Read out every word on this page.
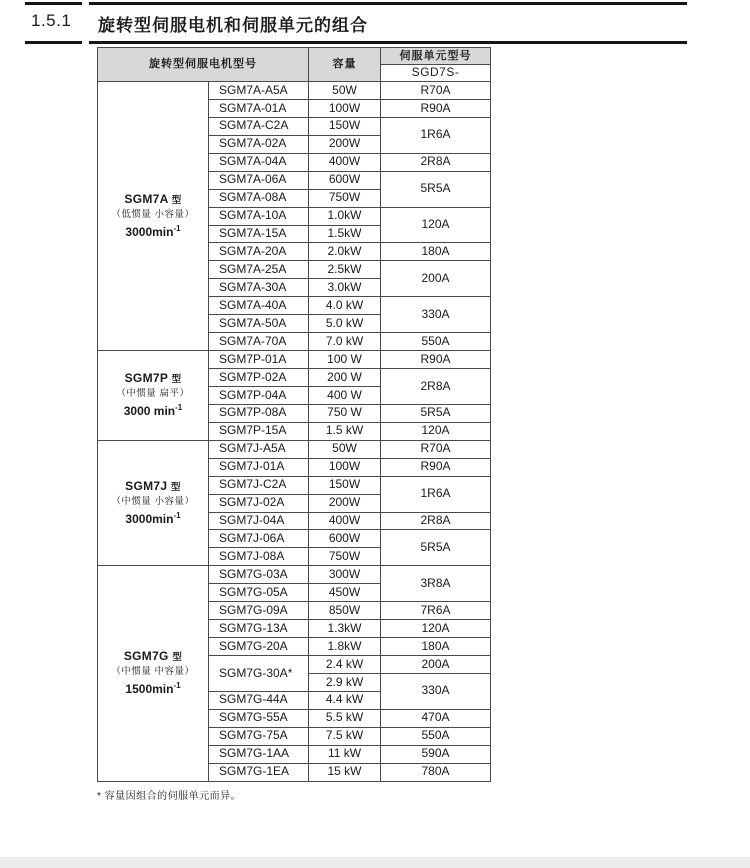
1.5.1	旋转型伺服电机和伺服单元的组合
旋转型伺服电机型号		容量	伺服单元型号
			SGD7S-

SGM7A 型
（低惯量 小容量）
$3000\min^{-1}$	SGM7A-A5A	50W	R70A
	SGM7A-01A	100W	R90A
	SGM7A-C2A	150W	1R6A
	SGM7A-02A	200W	
	SGM7A-04A	400W	2R8A
	SGM7A-06A	600W	5R5A
	SGM7A-08A	750W	
	SGM7A-10A	1.0kW	120A
	SGM7A-15A	1.5kW	
	SGM7A-20A	2.0kW	180A
	SGM7A-25A	2.5kW	200A
	SGM7A-30A	3.0kW	
	SGM7A-40A	4.0 kW	330A
	SGM7A-50A	5.0 kW	
	SGM7A-70A	7.0 kW	550A

SGM7P 型
（中惯量 扁平）
3000 $\min^{-1}$	SGM7P-01A	100 W	R90A
	SGM7P-02A	200 W	2R8A
	SGM7P-04A	400 W	
	SGM7P-08A	750 W	5R5A
	SGM7P-15A	1.5 kW	120A

SGM7J 型
（中惯量 小容量）
$3000\min^{-1}$	SGM7J-A5A	50W	R70A
	SGM7J-01A	100W	R90A
	SGM7J-C2A	150W	1R6A
	SGM7J-02A	200W	
	SGM7J-04A	400W	2R8A
	SGM7J-06A	600W	5R5A
	SGM7J-08A	750W	

SGM7G 型
（中惯量 中容量）
$1500\min^{-1}$	SGM7G-03A	300W	3R8A
	SGM7G-05A	450W	
	SGM7G-09A	850W	7R6A
	SGM7G-13A	1.3kW	120A
	SGM7G-20A	1.8kW	180A
	SGM7G-30A*	2.4 kW	200A
		2.9 kW	330A
	SGM7G-44A	4.4 kW	
	SGM7G-55A	5.5 kW	470A
	SGM7G-75A	7.5 kW	550A
	SGM7G-1AA	11 kW	590A
	SGM7G-1EA	15 kW	780A
* 容量因组合的伺服单元而异。
